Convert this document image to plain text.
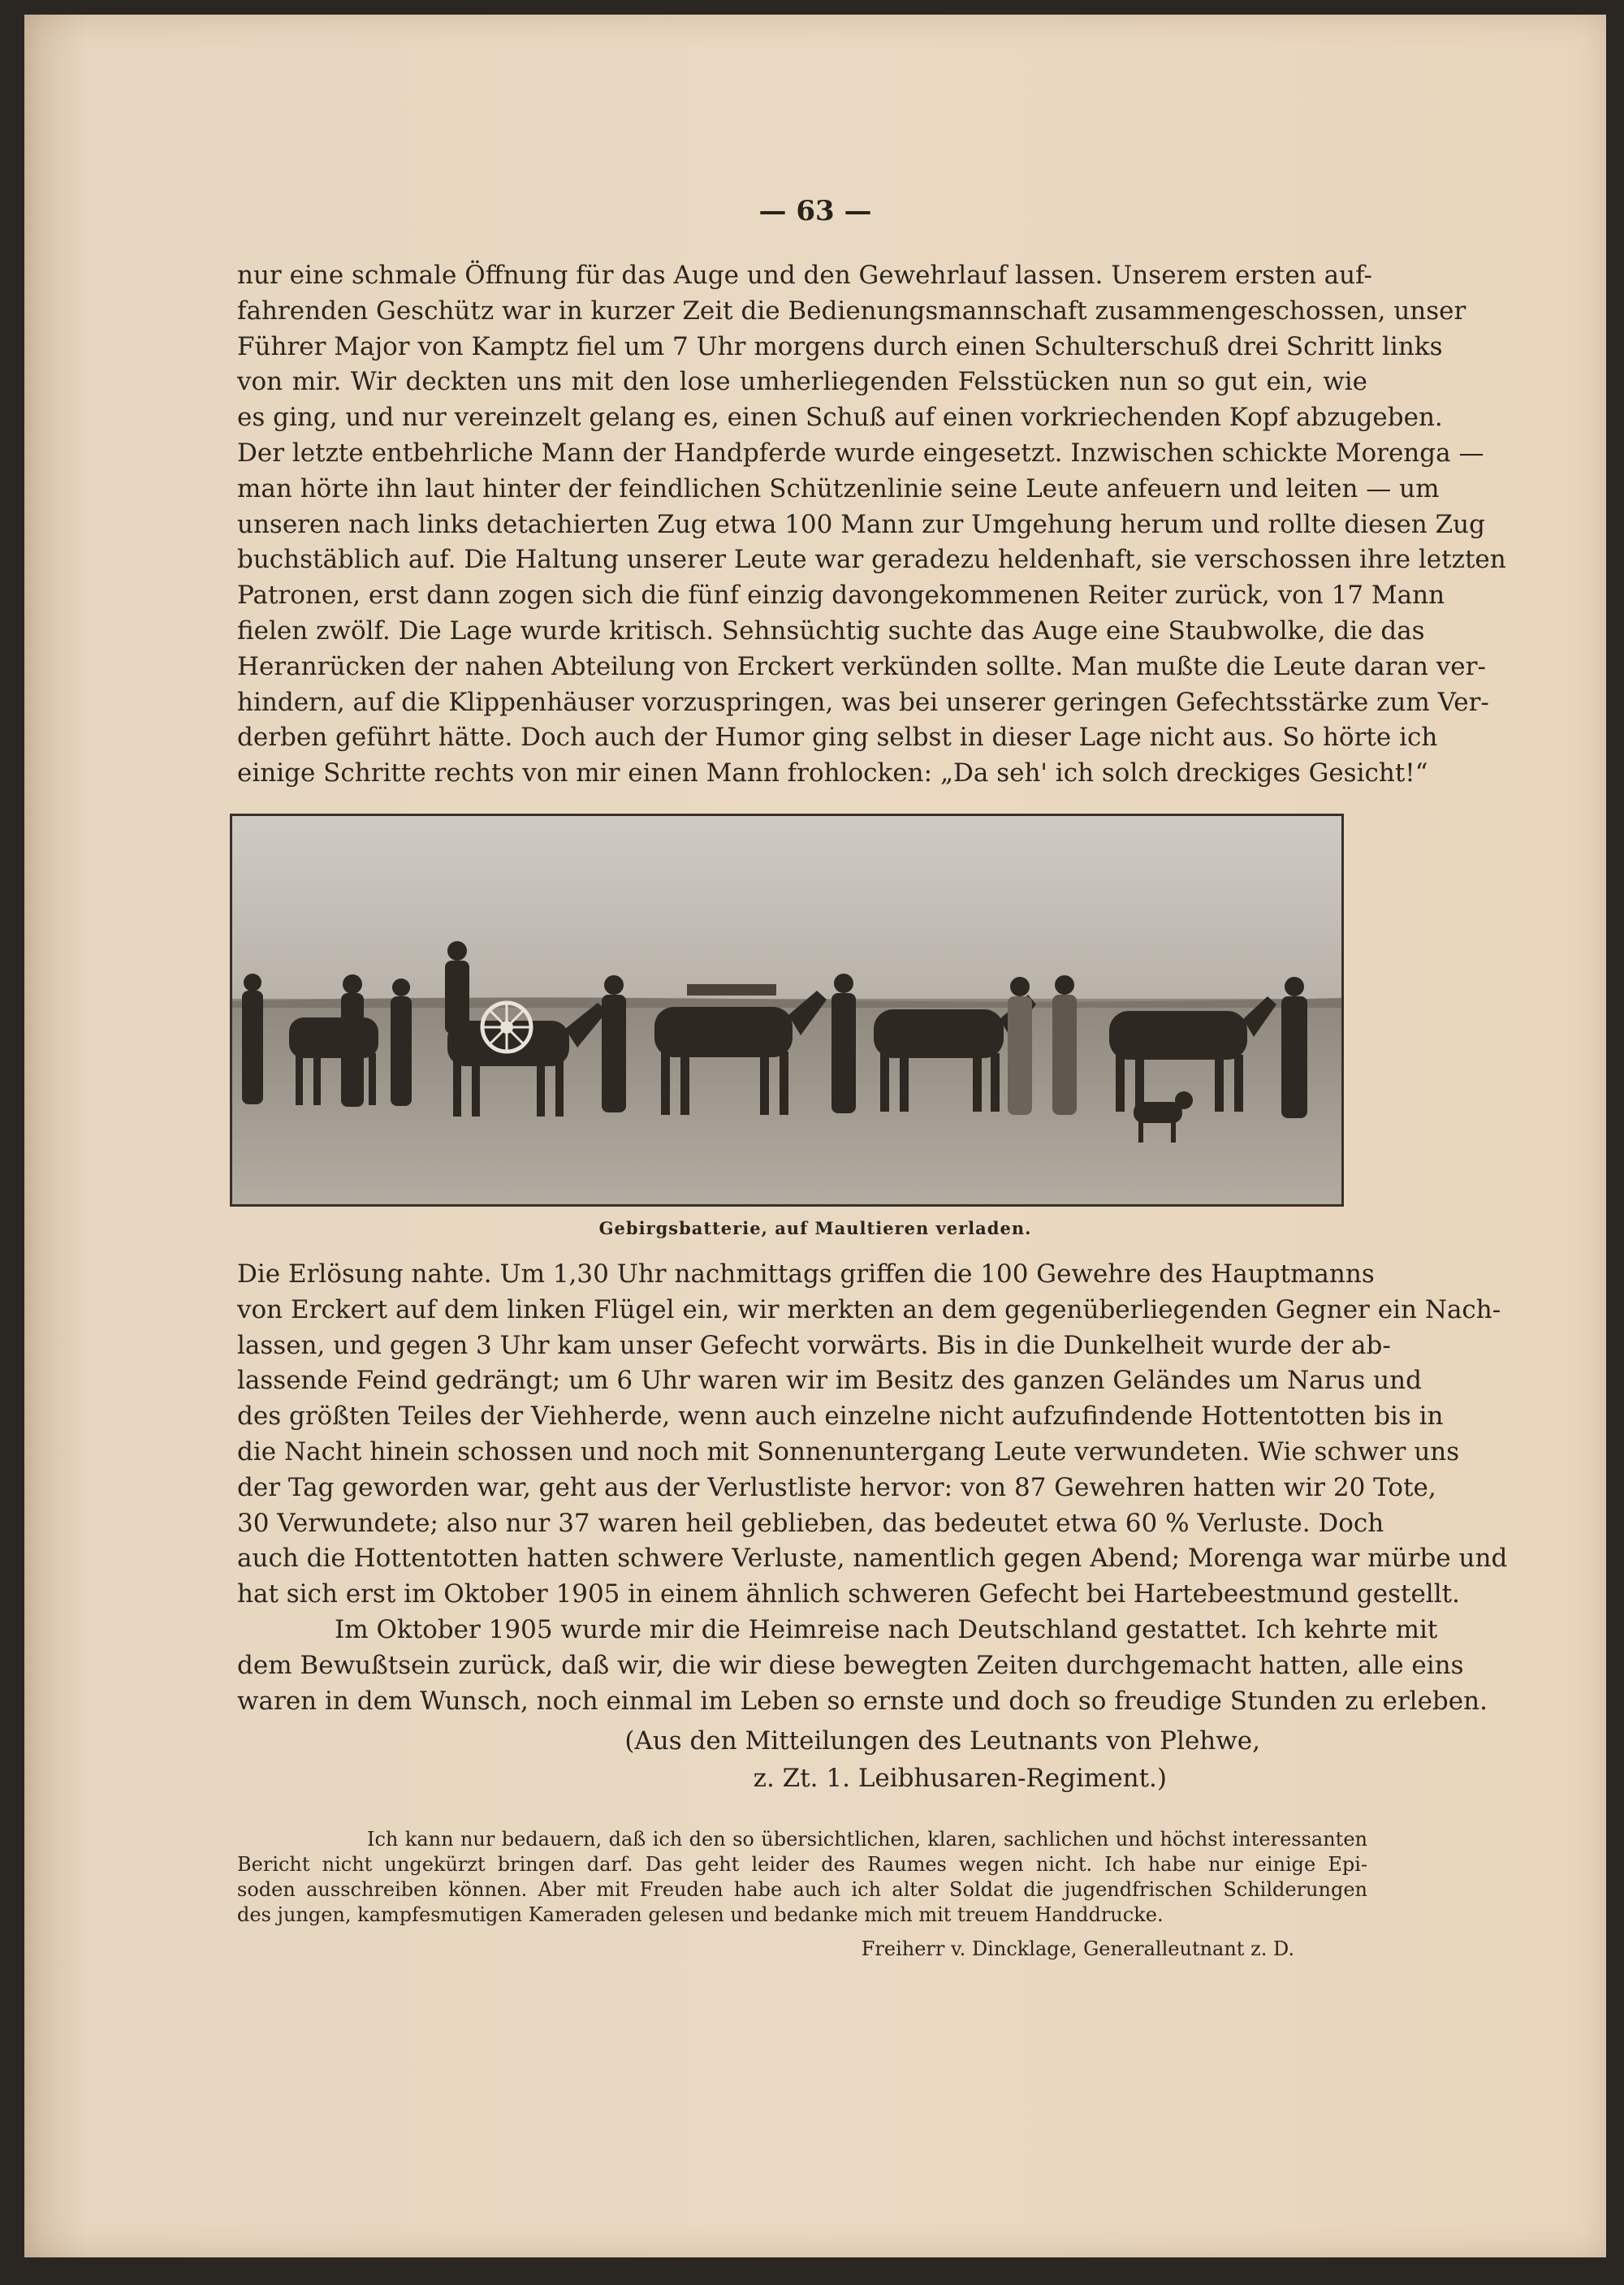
— 63 —
nur eine schmale Öffnung für das Auge und den Gewehrlauf lassen. Unserem ersten auf-
fahrenden Geschütz war in kurzer Zeit die Bedienungsmannschaft zusammengeschossen, unser
Führer Major von Kamptz fiel um 7 Uhr morgens durch einen Schulterschuß drei Schritt links
von mir. Wir deckten uns mit den lose umherliegenden Felsstücken nun so gut ein, wie
es ging, und nur vereinzelt gelang es, einen Schuß auf einen vorkriechenden Kopf abzugeben.
Der letzte entbehrliche Mann der Handpferde wurde eingesetzt. Inzwischen schickte Morenga —
man hörte ihn laut hinter der feindlichen Schützenlinie seine Leute anfeuern und leiten — um
unseren nach links detachierten Zug etwa 100 Mann zur Umgehung herum und rollte diesen Zug
buchstäblich auf. Die Haltung unserer Leute war geradezu heldenhaft, sie verschossen ihre letzten
Patronen, erst dann zogen sich die fünf einzig davongekommenen Reiter zurück, von 17 Mann
fielen zwölf. Die Lage wurde kritisch. Sehnsüchtig suchte das Auge eine Staubwolke, die das
Heranrücken der nahen Abteilung von Erckert verkünden sollte. Man mußte die Leute daran ver-
hindern, auf die Klippenhäuser vorzuspringen, was bei unserer geringen Gefechtsstärke zum Ver-
derben geführt hätte. Doch auch der Humor ging selbst in dieser Lage nicht aus. So hörte ich
einige Schritte rechts von mir einen Mann frohlocken: „Da seh' ich solch dreckiges Gesicht!“
Gebirgsbatterie, auf Maultieren verladen.
Die Erlösung nahte. Um 1,30 Uhr nachmittags griffen die 100 Gewehre des Hauptmanns
von Erckert auf dem linken Flügel ein, wir merkten an dem gegenüberliegenden Gegner ein Nach-
lassen, und gegen 3 Uhr kam unser Gefecht vorwärts. Bis in die Dunkelheit wurde der ab-
lassende Feind gedrängt; um 6 Uhr waren wir im Besitz des ganzen Geländes um Narus und
des größten Teiles der Viehherde, wenn auch einzelne nicht aufzufindende Hottentotten bis in
die Nacht hinein schossen und noch mit Sonnenuntergang Leute verwundeten. Wie schwer uns
der Tag geworden war, geht aus der Verlustliste hervor: von 87 Gewehren hatten wir 20 Tote,
30 Verwundete; also nur 37 waren heil geblieben, das bedeutet etwa 60 % Verluste. Doch
auch die Hottentotten hatten schwere Verluste, namentlich gegen Abend; Morenga war mürbe und
hat sich erst im Oktober 1905 in einem ähnlich schweren Gefecht bei Hartebeestmund gestellt.
Im Oktober 1905 wurde mir die Heimreise nach Deutschland gestattet. Ich kehrte mit
dem Bewußtsein zurück, daß wir, die wir diese bewegten Zeiten durchgemacht hatten, alle eins
waren in dem Wunsch, noch einmal im Leben so ernste und doch so freudige Stunden zu erleben.
(Aus den Mitteilungen des Leutnants von Plehwe,
z. Zt. 1. Leibhusaren-Regiment.)
Ich kann nur bedauern, daß ich den so übersichtlichen, klaren, sachlichen und höchst interessanten
Bericht nicht ungekürzt bringen darf. Das geht leider des Raumes wegen nicht. Ich habe nur einige Epi-
soden ausschreiben können. Aber mit Freuden habe auch ich alter Soldat die jugendfrischen Schilderungen
des jungen, kampfesmutigen Kameraden gelesen und bedanke mich mit treuem Handdrucke.
Freiherr v. Dincklage, Generalleutnant z. D.
